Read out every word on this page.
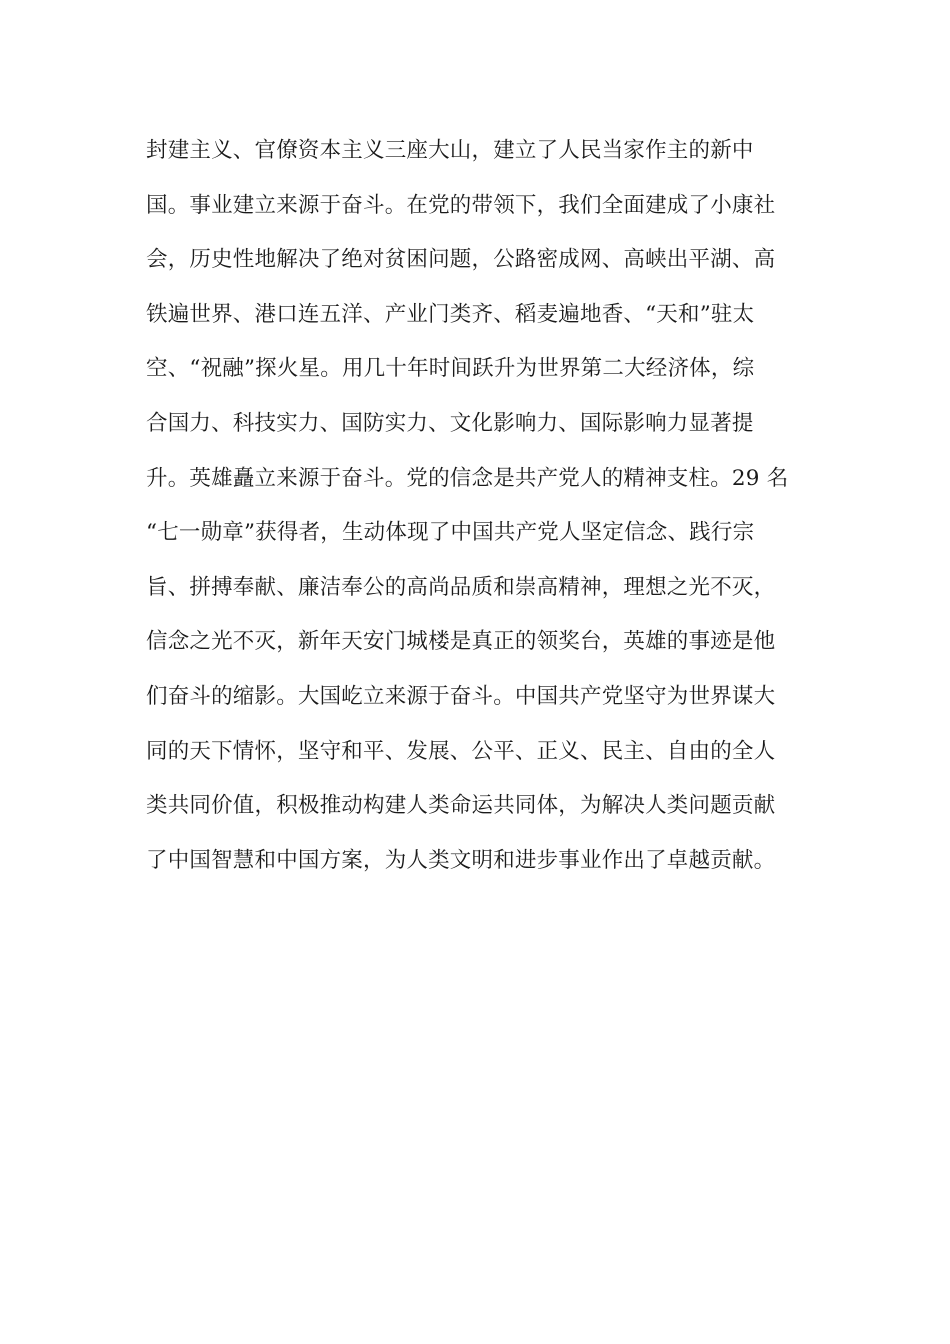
封建主义、官僚资本主义三座大山，建立了人民当家作主的新中
国。事业建立来源于奋斗。在党的带领下，我们全面建成了小康社
会，历史性地解决了绝对贫困问题，公路密成网、高峡出平湖、高
铁遍世界、港口连五洋、产业门类齐、稻麦遍地香、“天和”驻太
空、“祝融”探火星。用几十年时间跃升为世界第二大经济体，综
合国力、科技实力、国防实力、文化影响力、国际影响力显著提
升。英雄矗立来源于奋斗。党的信念是共产党人的精神支柱。29 名
“七一勋章”获得者，生动体现了中国共产党人坚定信念、践行宗
旨、拼搏奉献、廉洁奉公的高尚品质和崇高精神，理想之光不灭，
信念之光不灭，新年天安门城楼是真正的领奖台，英雄的事迹是他
们奋斗的缩影。大国屹立来源于奋斗。中国共产党坚守为世界谋大
同的天下情怀，坚守和平、发展、公平、正义、民主、自由的全人
类共同价值，积极推动构建人类命运共同体，为解决人类问题贡献
了中国智慧和中国方案，为人类文明和进步事业作出了卓越贡献。
